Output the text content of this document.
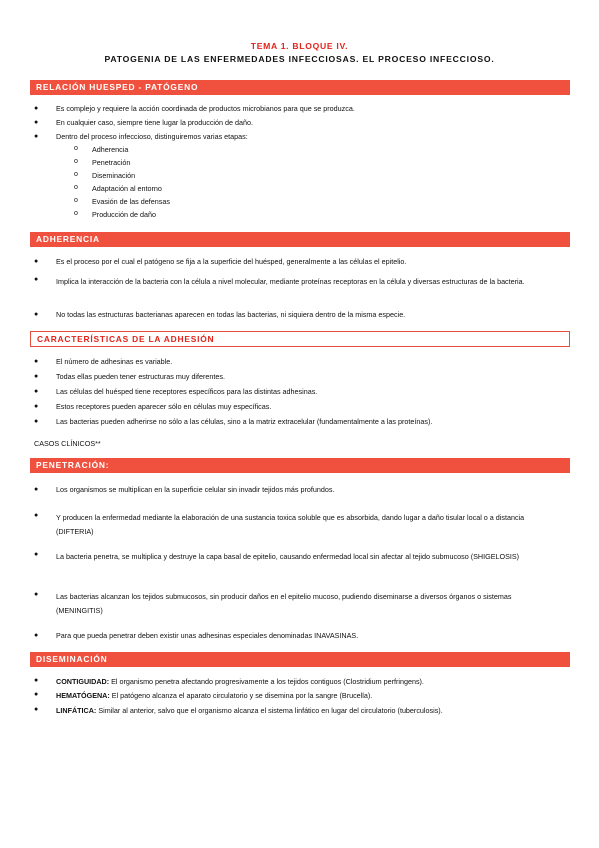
TEMA 1. BLOQUE IV.
PATOGENIA DE LAS ENFERMEDADES INFECCIOSAS. EL PROCESO INFECCIOSO.
RELACIÓN HUESPED - PATÓGENO
● Es complejo y requiere la acción coordinada de productos microbianos para que se produzca.
● En cualquier caso, siempre tiene lugar la producción de daño.
● Dentro del proceso infeccioso, distinguiremos varias etapas:
o Adherencia
o Penetración
o Diseminación
o Adaptación al entorno
o Evasión de las defensas
o Producción de daño
ADHERENCIA
● Es el proceso por el cual el patógeno se fija a la superficie del huésped, generalmente a las células el epitelio.
● Implica la interacción de la bacteria con la célula a nivel molecular, mediante proteínas receptoras en la célula y diversas estructuras de la bacteria.
● No todas las estructuras bacterianas aparecen en todas las bacterias, ni siquiera dentro de la misma especie.
CARACTERÍSTICAS DE LA ADHESIÓN
● El número de adhesinas es variable.
● Todas ellas pueden tener estructuras muy diferentes.
● Las células del huésped tiene receptores específicos para las distintas adhesinas.
● Estos receptores pueden aparecer sólo en células muy específicas.
● Las bacterias pueden adherirse no sólo a las células, sino a la matriz extracelular (fundamentalmente a las proteínas).
CASOS CLÍNICOS**
PENETRACIÓN:
● Los organismos se multiplican en la superficie celular sin invadir tejidos más profundos.
● Y producen la enfermedad mediante la elaboración de una sustancia toxica soluble que es absorbida, dando lugar a daño tisular local o a distancia (DIFTERIA)
● La bacteria penetra, se multiplica y destruye la capa basal de epitelio, causando enfermedad local sin afectar al tejido submucoso (SHIGELOSIS)
● Las bacterias alcanzan los tejidos submucosos, sin producir daños en el epitelio mucoso, pudiendo diseminarse a diversos órganos o sistemas (MENINGITIS)
● Para que pueda penetrar deben existir unas adhesinas especiales denominadas INAVASINAS.
DISEMINACIÓN
● CONTIGUIDAD: El organismo penetra afectando progresivamente a los tejidos contiguos (Clostridium perfringens).
● HEMATÓGENA: El patógeno alcanza el aparato circulatorio y se disemina por la sangre (Brucella).
● LINFÁTICA: Similar al anterior, salvo que el organismo alcanza el sistema linfático en lugar del circulatorio (tuberculosis).
